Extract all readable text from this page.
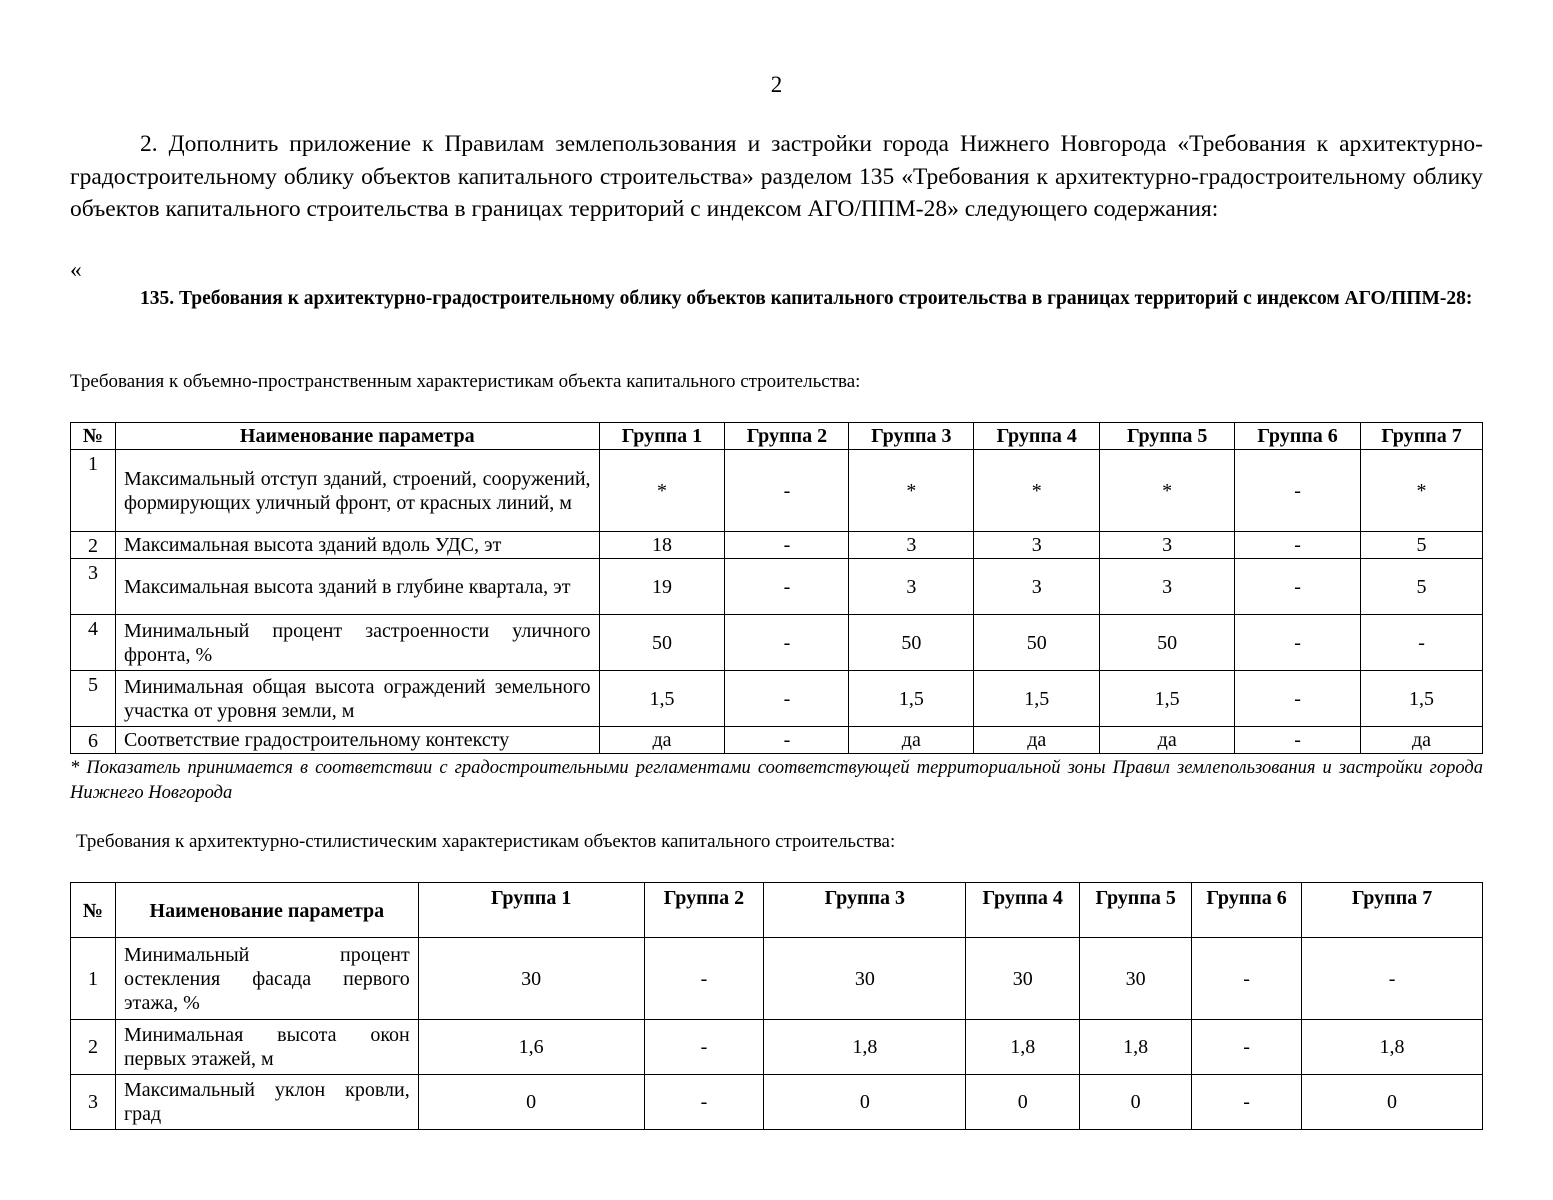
2

2. Дополнить приложение к Правилам землепользования и застройки города Нижнего Новгорода «Требования к архитектурно-градостроительному облику объектов капитального строительства» разделом 135 «Требования к архитектурно-градостроительному облику объектов капитального строительства в границах территорий с индексом АГО/ППМ-28» следующего содержания:

«

135. Требования к архитектурно-градостроительному облику объектов капитального строительства в границах территорий с индексом АГО/ППМ-28:

Требования к объемно-пространственным характеристикам объекта капитального строительства:
№	Наименование параметра	Группа 1	Группа 2	Группа 3	Группа 4	Группа 5	Группа 6	Группа 7
1	Максимальный отступ зданий, строений, сооружений, формирующих уличный фронт, от красных линий, м	*	-	*	*	*	-	*
2	Максимальная высота зданий вдоль УДС, эт	18	-	3	3	3	-	5
3	Максимальная высота зданий в глубине квартала, эт	19	-	3	3	3	-	5
4	Минимальный процент застроенности уличного фронта, %	50	-	50	50	50	-	-
5	Минимальная общая высота ограждений земельного участка от уровня земли, м	1,5	-	1,5	1,5	1,5	-	1,5
6	Соответствие градостроительному контексту	да	-	да	да	да	-	да

* Показатель принимается в соответствии с градостроительными регламентами соответствующей территориальной зоны Правил землепользования и застройки города Нижнего Новгорода

Требования к архитектурно-стилистическим характеристикам объектов капитального строительства:
№	Наименование параметра	Группа 1	Группа 2	Группа 3	Группа 4	Группа 5	Группа 6	Группа 7
1	Минимальный процент остекления фасада первого этажа, %	30	-	30	30	30	-	-
2	Минимальная высота окон первых этажей, м	1,6	-	1,8	1,8	1,8	-	1,8
3	Максимальный уклон кровли, град	0	-	0	0	0	-	0
